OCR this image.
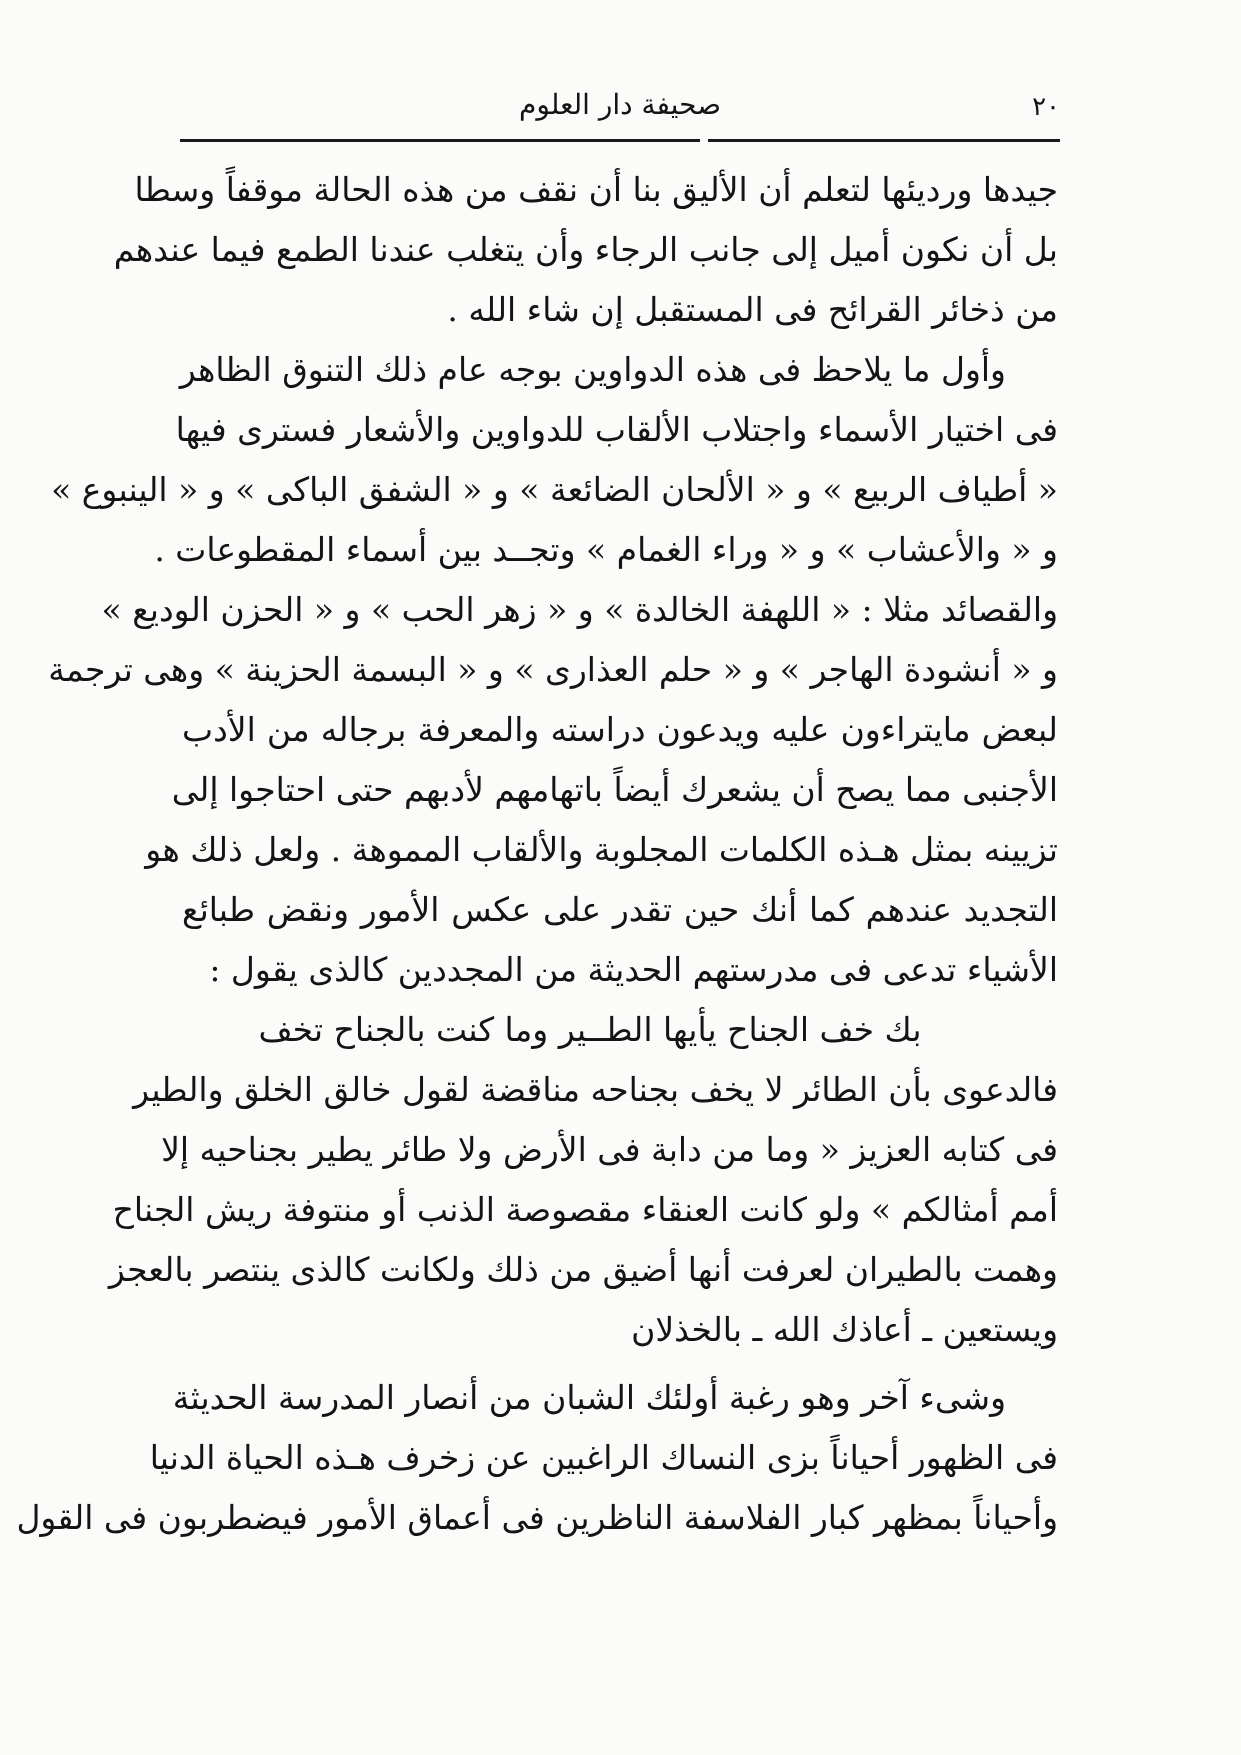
٢٠
صحيفة دار العلوم
جيدها ورديئها لتعلم أن الأليق بنا أن نقف من هذه الحالة موقفاً وسطا
بل أن نكون أميل إلى جانب الرجاء وأن يتغلب عندنا الطمع فيما عندهم
من ذخائر القرائح فى المستقبل إن شاء الله .
وأول ما يلاحظ فى هذه الدواوين بوجه عام ذلك التنوق الظاهر
فى اختيار الأسماء واجتلاب الألقاب للدواوين والأشعار فسترى فيها
« أطياف الربيع » و « الألحان الضائعة » و « الشفق الباكى » و « الينبوع »
و « والأعشاب » و « وراء الغمام » وتجــد بين أسماء المقطوعات .
والقصائد مثلا : « اللهفة الخالدة » و « زهر الحب » و « الحزن الوديع »
و « أنشودة الهاجر » و « حلم العذارى » و « البسمة الحزينة » وهى ترجمة
لبعض مايتراءون عليه ويدعون دراسته والمعرفة برجاله من الأدب
الأجنبى مما يصح أن يشعرك أيضاً باتهامهم لأدبهم حتى احتاجوا إلى
تزيينه بمثل هـذه الكلمات المجلوبة والألقاب المموهة . ولعل ذلك هو
التجديد عندهم كما أنك حين تقدر على عكس الأمور ونقض طبائع
الأشياء تدعى فى مدرستهم الحديثة من المجددين كالذى يقول :
بك خف الجناح يأيها الطــير وما كنت بالجناح تخف
فالدعوى بأن الطائر لا يخف بجناحه مناقضة لقول خالق الخلق والطير
فى كتابه العزيز « وما من دابة فى الأرض ولا طائر يطير بجناحيه إلا
أمم أمثالكم » ولو كانت العنقاء مقصوصة الذنب أو منتوفة ريش الجناح
وهمت بالطيران لعرفت أنها أضيق من ذلك ولكانت كالذى ينتصر بالعجز
ويستعين ـ أعاذك الله ـ بالخذلان
وشىء آخر وهو رغبة أولئك الشبان من أنصار المدرسة الحديثة
فى الظهور أحياناً بزى النساك الراغبين عن زخرف هـذه الحياة الدنيا
وأحياناً بمظهر كبار الفلاسفة الناظرين فى أعماق الأمور فيضطربون فى القول
